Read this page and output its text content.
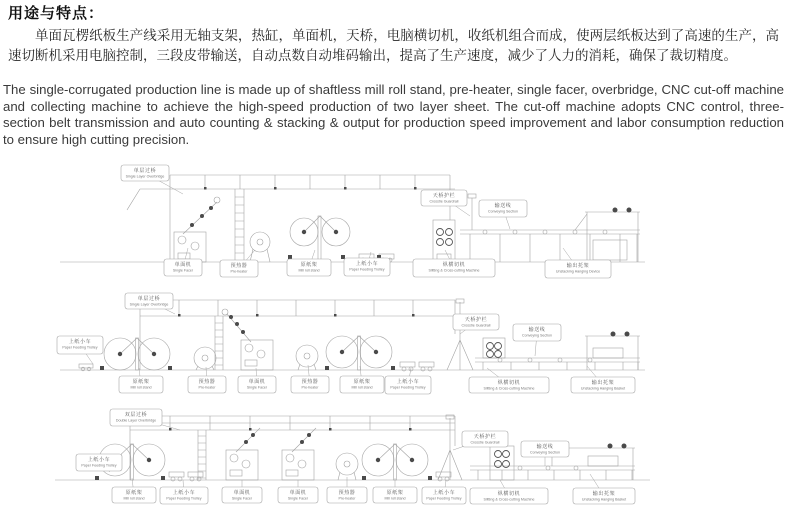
用途与特点：
单面瓦楞纸板生产线采用无轴支架，热缸，单面机，天桥，电脑横切机，收纸机组合而成，使两层纸板达到了高速的生产，高速切断机采用电脑控制，三段皮带输送，自动点数自动堆码输出，提高了生产速度，减少了人力的消耗，确保了裁切精度。
The single-corrugated production line is made up of shaftless mill roll stand, pre-heater, single facer, overbridge, CNC cut-off machine and collecting machine to achieve the high-speed production of two layer sheet. The cut-off machine adopts CNC control, three-section belt transmission and auto counting & stacking & output for production speed improvement and labor consumption reduction to ensure high cutting precision.
单层过桥
Single Layer Overbridge
天桥护栏
Crosstie Guardrail
输送线
Conveying Section
单面机
Single Facer
预热器
Pre-heater
原纸架
Mill roll stand
上纸小车
Paper Feeding Trolley
纵横切机
Slitting & Cross-cutting Machine
输出托架
Unstacking Hanging Device
单层过桥
Single Layer Overbridge
上纸小车
Paper Feeding Trolley
原纸架
Mill roll stand
预热器
Pre-heater
单面机
Single Facer
预热器
Pre-heater
原纸架
Mill roll stand
上纸小车
Paper Feeding Trolley
天桥护栏
Crosstie Guardrail
输送线
Conveying Section
纵横切机
Slitting & Cross-cutting Machine
输出托架
Unstacking Hanging Basket
双层过桥
Double Layer Overbridge
上纸小车
Paper Feeding Trolley
原纸架
Mill roll stand
上纸小车
Paper Feeding Trolley
单面机
Single Facer
单面机
Single Facer
预热器
Pre-heater
原纸架
Mill roll stand
上纸小车
Paper Feeding Trolley
天桥护栏
Crosstie Guardrail
输送线
Conveying Section
纵横切机
Slitting & Cross-cutting Machine
输出托架
Unstacking Hanging Basket
